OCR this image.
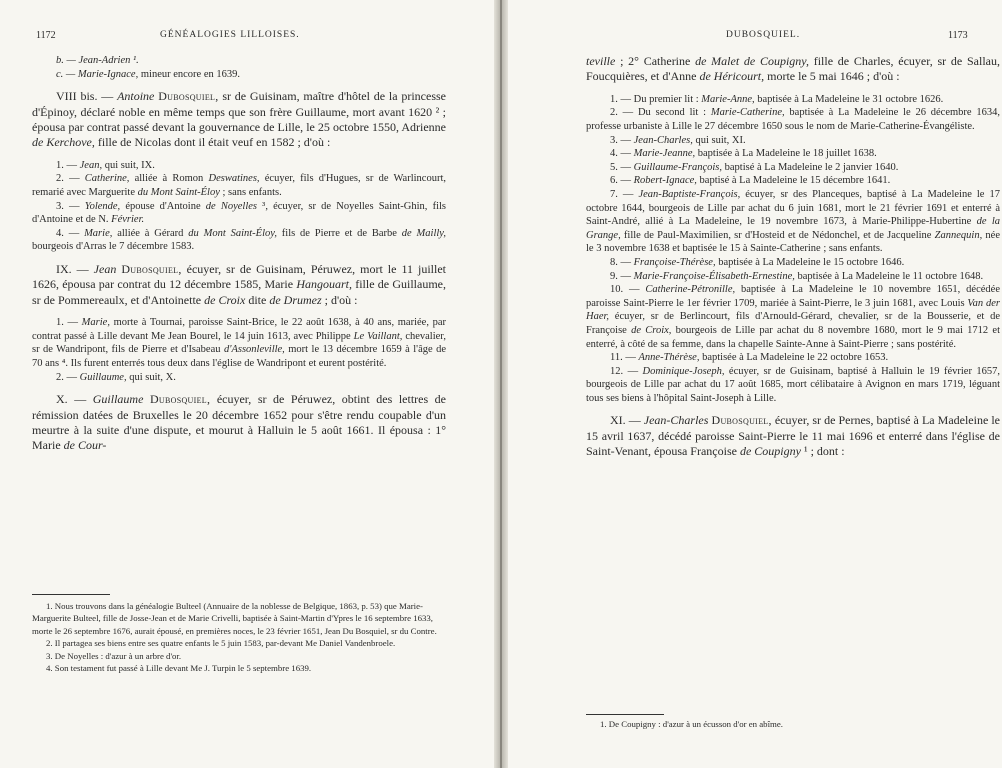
1172	GÉNÉALOGIES LILLOISES.

b. — Jean-Adrien ¹.

c. — Marie-Ignace, mineur encore en 1639.

VIII bis. — Antoine Dubosquiel, sr de Guisinam, maître d'hôtel de la princesse d'Épinoy, déclaré noble en même temps que son frère Guillaume, mort avant 1620 ² ; épousa par contrat passé devant la gouvernance de Lille, le 25 octobre 1550, Adrienne de Kerchove, fille de Nicolas dont il était veuf en 1582 ; d'où :

1. — Jean, qui suit, IX.

2. — Catherine, alliée à Romon Deswatines, écuyer, fils d'Hugues, sr de Warlincourt, remarié avec Marguerite du Mont Saint-Éloy ; sans enfants.

3. — Yolende, épouse d'Antoine de Noyelles ³, écuyer, sr de Noyelles Saint-Ghin, fils d'Antoine et de N. Février.

4. — Marie, alliée à Gérard du Mont Saint-Éloy, fils de Pierre et de Barbe de Mailly, bourgeois d'Arras le 7 décembre 1583.

IX. — Jean Dubosquiel, écuyer, sr de Guisinam, Péruwez, mort le 11 juillet 1626, épousa par contrat du 12 décembre 1585, Marie Hangouart, fille de Guillaume, sr de Pommereaulx, et d'Antoinette de Croix dite de Drumez ; d'où :

1. — Marie, morte à Tournai, paroisse Saint-Brice, le 22 août 1638, à 40 ans, mariée, par contrat passé à Lille devant Me Jean Bourel, le 14 juin 1613, avec Philippe Le Vaillant, chevalier, sr de Wandripont, fils de Pierre et d'Isabeau d'Assonleville, mort le 13 décembre 1659 à l'âge de 70 ans ⁴. Ils furent enterrés tous deux dans l'église de Wandripont et eurent postérité.

2. — Guillaume, qui suit, X.

X. — Guillaume Dubosquiel, écuyer, sr de Péruwez, obtint des lettres de rémission datées de Bruxelles le 20 décembre 1652 pour s'être rendu coupable d'un meurtre à la suite d'une dispute, et mourut à Halluin le 5 août 1661. Il épousa : 1° Marie de Cour-

1. Nous trouvons dans la généalogie Bulteel (Annuaire de la noblesse de Belgique, 1863, p. 53) que Marie-Marguerite Bulteel, fille de Josse-Jean et de Marie Crivelli, baptisée à Saint-Martin d'Ypres le 16 septembre 1633, morte le 26 septembre 1676, aurait épousé, en premières noces, le 23 février 1651, Jean Du Bosquiel, sr du Contre.

2. Il partagea ses biens entre ses quatre enfants le 5 juin 1583, par-devant Me Daniel Vandenbroele.

3. De Noyelles : d'azur à un arbre d'or.

4. Son testament fut passé à Lille devant Me J. Turpin le 5 septembre 1639.

DUBOSQUIEL.	1173

teville ; 2° Catherine de Malet de Coupigny, fille de Charles, écuyer, sr de Sallau, Foucquières, et d'Anne de Héricourt, morte le 5 mai 1646 ; d'où :

1. — Du premier lit : Marie-Anne, baptisée à La Madeleine le 31 octobre 1626.

2. — Du second lit : Marie-Catherine, baptisée à La Madeleine le 26 décembre 1634, professe urbaniste à Lille le 27 décembre 1650 sous le nom de Marie-Catherine-Évangéliste.

3. — Jean-Charles, qui suit, XI.

4. — Marie-Jeanne, baptisée à La Madeleine le 18 juillet 1638.

5. — Guillaume-François, baptisé à La Madeleine le 2 janvier 1640.

6. — Robert-Ignace, baptisé à La Madeleine le 15 décembre 1641.

7. — Jean-Baptiste-François, écuyer, sr des Planceques, baptisé à La Madeleine le 17 octobre 1644, bourgeois de Lille par achat du 6 juin 1681, mort le 21 février 1691 et enterré à Saint-André, allié à La Madeleine, le 19 novembre 1673, à Marie-Philippe-Hubertine de la Grange, fille de Paul-Maximilien, sr d'Hosteid et de Nédonchel, et de Jacqueline Zannequin, née le 3 novembre 1638 et baptisée le 15 à Sainte-Catherine ; sans enfants.

8. — Françoise-Thérèse, baptisée à La Madeleine le 15 octobre 1646.

9. — Marie-Françoise-Élisabeth-Ernestine, baptisée à La Madeleine le 11 octobre 1648.

10. — Catherine-Pétronille, baptisée à La Madeleine le 10 novembre 1651, décédée paroisse Saint-Pierre le 1er février 1709, mariée à Saint-Pierre, le 3 juin 1681, avec Louis Van der Haer, écuyer, sr de Berlincourt, fils d'Arnould-Gérard, chevalier, sr de la Bousserie, et de Françoise de Croix, bourgeois de Lille par achat du 8 novembre 1680, mort le 9 mai 1712 et enterré, à côté de sa femme, dans la chapelle Sainte-Anne à Saint-Pierre ; sans postérité.

11. — Anne-Thérèse, baptisée à La Madeleine le 22 octobre 1653.

12. — Dominique-Joseph, écuyer, sr de Guisinam, baptisé à Halluin le 19 février 1657, bourgeois de Lille par achat du 17 août 1685, mort célibataire à Avignon en mars 1719, léguant tous ses biens à l'hôpital Saint-Joseph à Lille.

XI. — Jean-Charles Dubosquiel, écuyer, sr de Pernes, baptisé à La Madeleine le 15 avril 1637, décédé paroisse Saint-Pierre le 11 mai 1696 et enterré dans l'église de Saint-Venant, épousa Françoise de Coupigny ¹ ; dont :

1. De Coupigny : d'azur à un écusson d'or en abîme.
